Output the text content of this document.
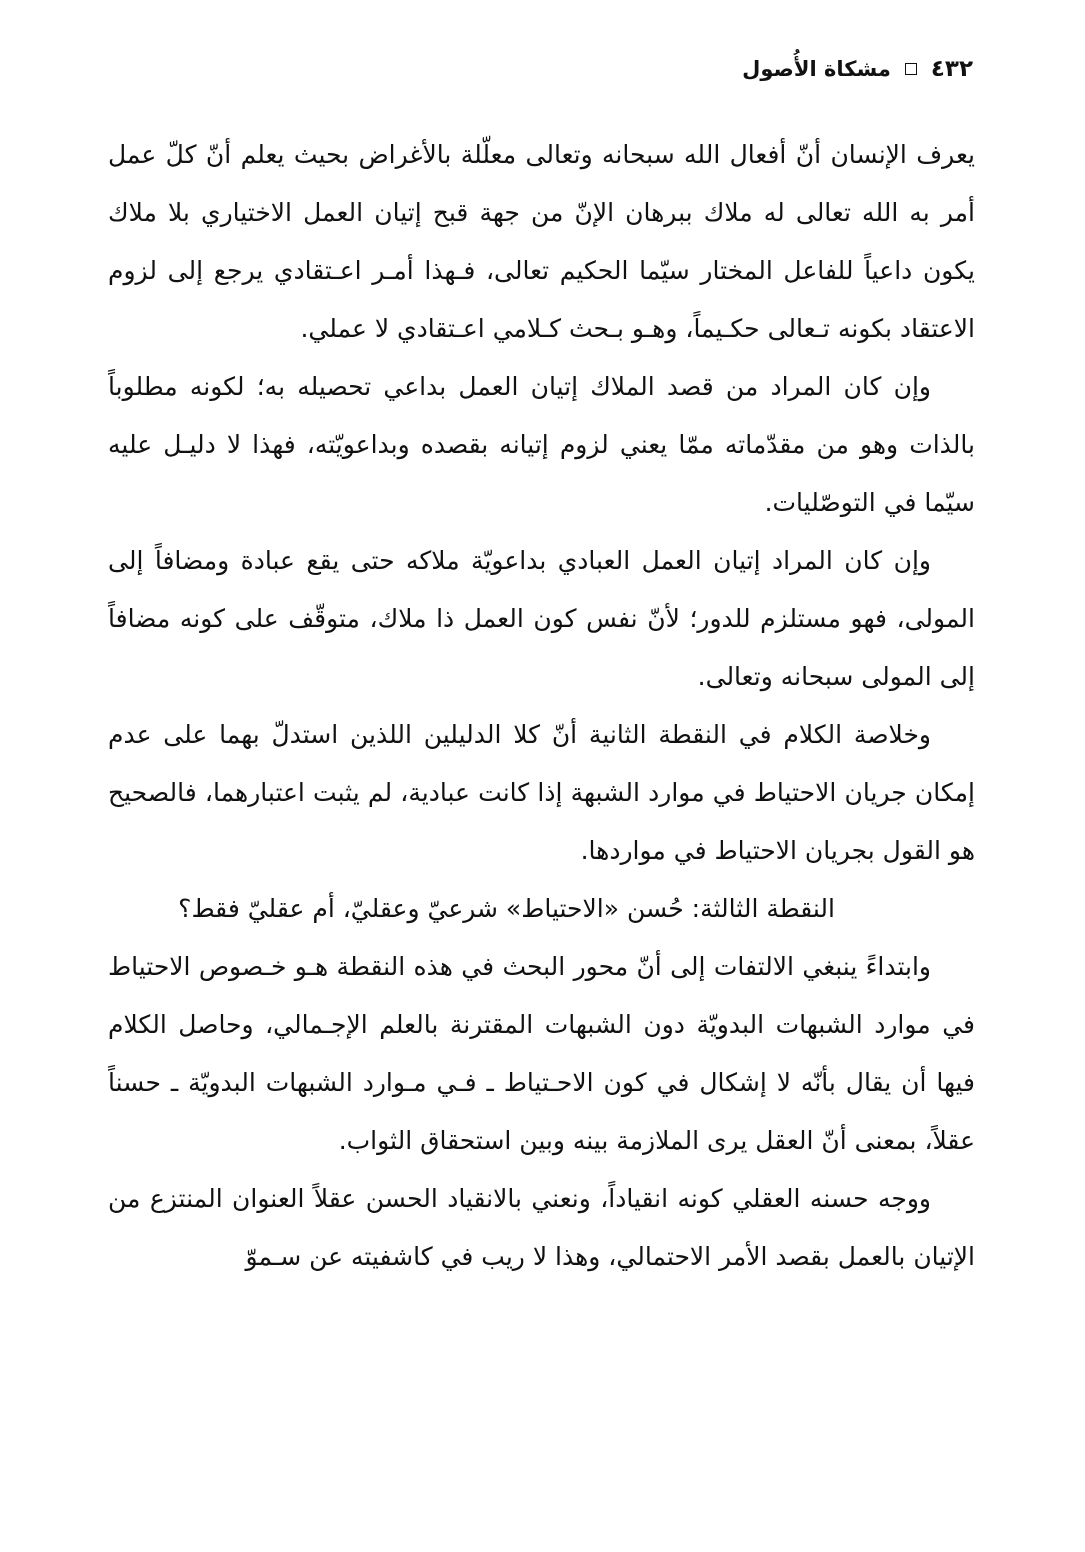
٤٣٢
مشكاة الأُصول

يعرف الإنسان أنّ أفعال الله سبحانه وتعالى معلّلة بالأغراض بحيث يعلم أنّ كلّ عمل أمر به الله تعالى له ملاك ببرهان الإنّ من جهة قبح إتيان العمل الاختياري بلا ملاك يكون داعياً للفاعل المختار سيّما الحكيم تعالى، فـهذا أمـر اعـتقادي يرجع إلى لزوم الاعتقاد بكونه تـعالى حكـيماً، وهـو بـحث كـلامي اعـتقادي لا عملي.

وإن كان المراد من قصد الملاك إتيان العمل بداعي تحصيله به؛ لكونه مطلوباً بالذات وهو من مقدّماته ممّا يعني لزوم إتيانه بقصده وبداعويّته، فهذا لا دليـل عليه سيّما في التوصّليات.

وإن كان المراد إتيان العمل العبادي بداعويّة ملاكه حتى يقع عبادة ومضافاً إلى المولى، فهو مستلزم للدور؛ لأنّ نفس كون العمل ذا ملاك، متوقّف على كونه مضافاً إلى المولى سبحانه وتعالى.

وخلاصة الكلام في النقطة الثانية أنّ كلا الدليلين اللذين استدلّ بهما على عدم إمكان جريان الاحتياط في موارد الشبهة إذا كانت عبادية، لم يثبت اعتبارهما، فالصحيح هو القول بجريان الاحتياط في مواردها.

النقطة الثالثة: حُسن «الاحتياط» شرعيّ وعقليّ، أم عقليّ فقط؟

وابتداءً ينبغي الالتفات إلى أنّ محور البحث في هذه النقطة هـو خـصوص الاحتياط في موارد الشبهات البدويّة دون الشبهات المقترنة بالعلم الإجـمالي، وحاصل الكلام فيها أن يقال بأنّه لا إشكال في كون الاحـتياط ـ فـي مـوارد الشبهات البدويّة ـ حسناً عقلاً، بمعنى أنّ العقل يرى الملازمة بينه وبين استحقاق الثواب.

ووجه حسنه العقلي كونه انقياداً، ونعني بالانقياد الحسن عقلاً العنوان المنتزع من الإتيان بالعمل بقصد الأمر الاحتمالي، وهذا لا ريب في كاشفيته عن سـموّ
